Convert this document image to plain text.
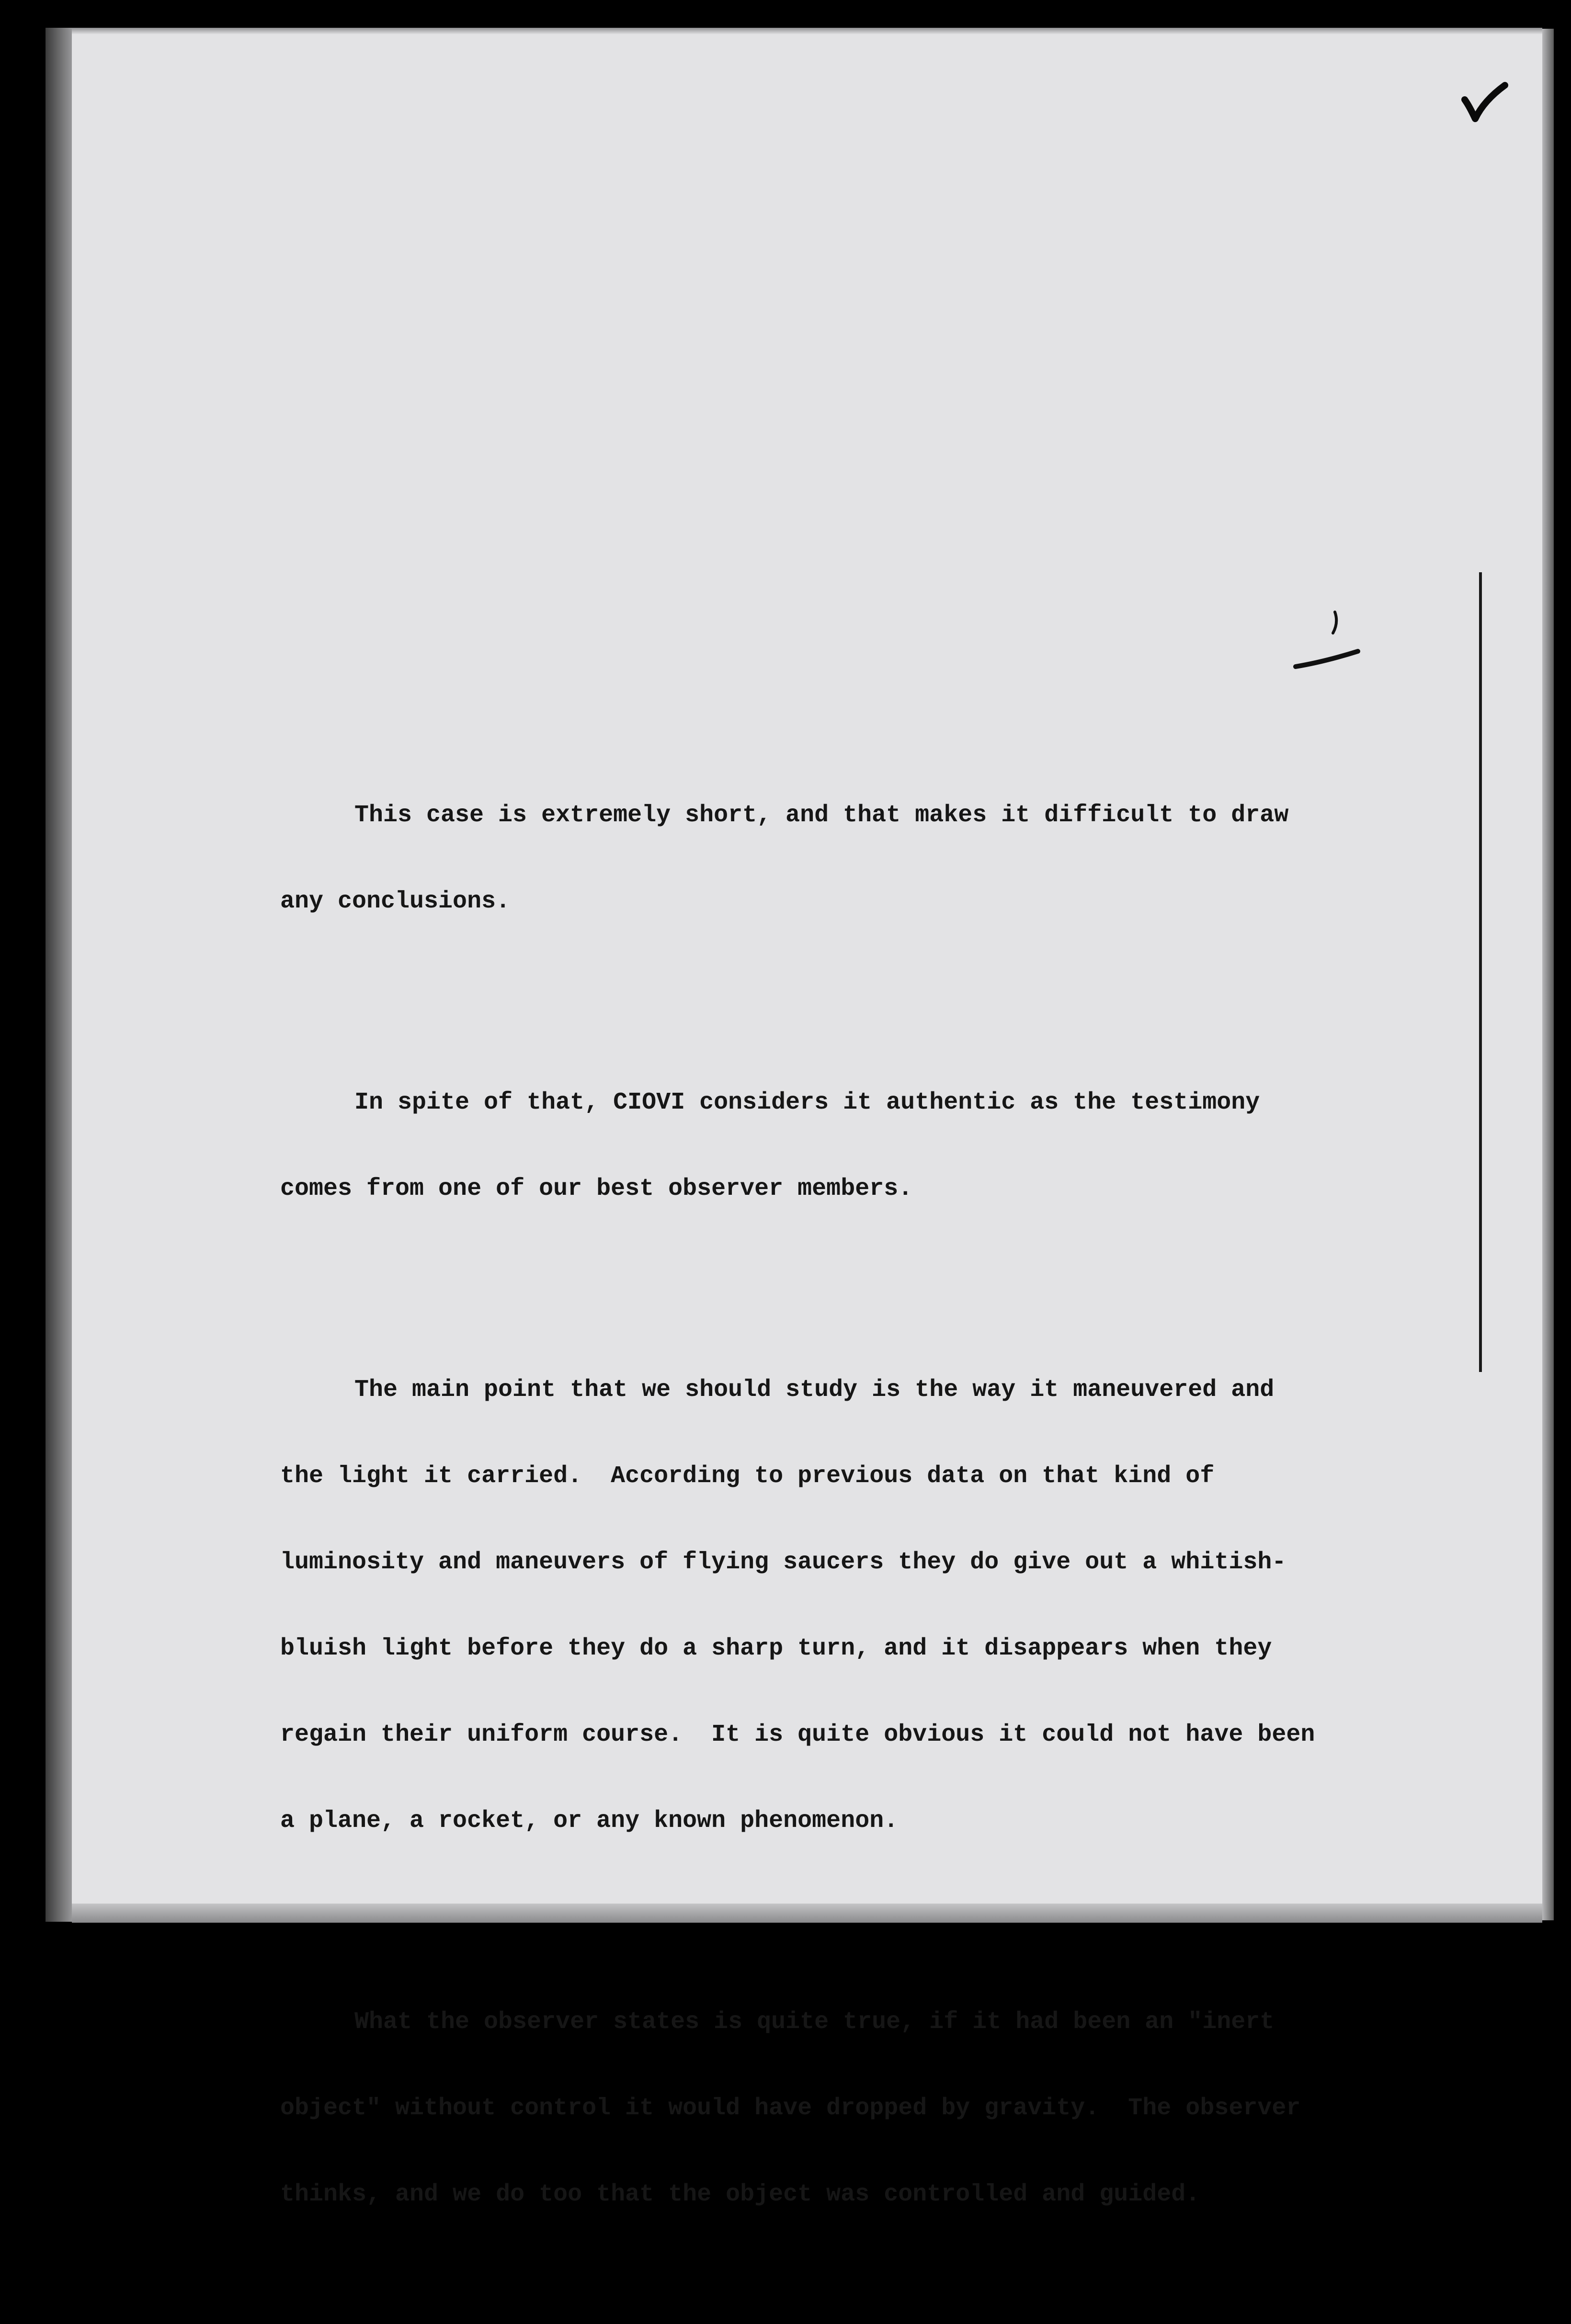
This case is extremely short, and that makes it difficult to draw

any conclusions.

In spite of that, CIOVI considers it authentic as the testimony

comes from one of our best observer members.

The main point that we should study is the way it maneuvered and

the light it carried.  According to previous data on that kind of

luminosity and maneuvers of flying saucers they do give out a whitish-

bluish light before they do a sharp turn, and it disappears when they

regain their uniform course.  It is quite obvious it could not have been

a plane, a rocket, or any known phenomenon.

What the observer states is quite true, if it had been an "inert

object" without control it would have dropped by gravity.  The observer

thinks, and we do too that the object was controlled and guided.
